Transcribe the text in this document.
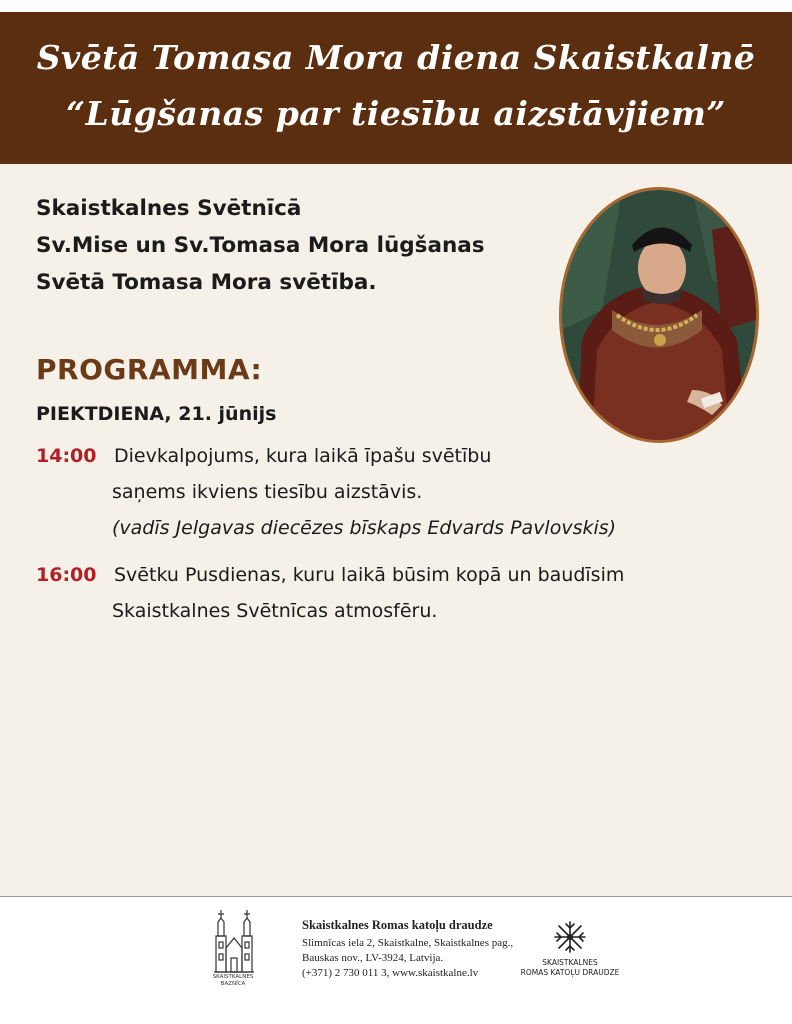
Svētā Tomasa Mora diena Skaistkalnē
“Lūgšanas par tiesību aizstāvjiem”
Skaistkalnes Svētnīcā
Sv.Mise un Sv.Tomasa Mora lūgšanas
Svētā Tomasa Mora svētība.
PROGRAMMA:
PIEKTDIENA, 21. jūnijs
14:00 Dievkalpojums, kura laikā īpašu svētību
saņems ikviens tiesību aizstāvis.
(vadīs Jelgavas diecēzes bīskaps Edvards Pavlovskis)
16:00 Svētku Pusdienas, kuru laikā būsim kopā un baudīsim
Skaistkalnes Svētnīcas atmosfēru.
SKAISTKALNES
BAZNĪCA
Skaistkalnes Romas katoļu draudze
Slimnīcas iela 2, Skaistkalne, Skaistkalnes pag.,
Bauskas nov., LV-3924, Latvija.
(+371) 2 730 011 3, www.skaistkalne.lv
SKAISTKALNES
ROMAS KATOĻU DRAUDZE
